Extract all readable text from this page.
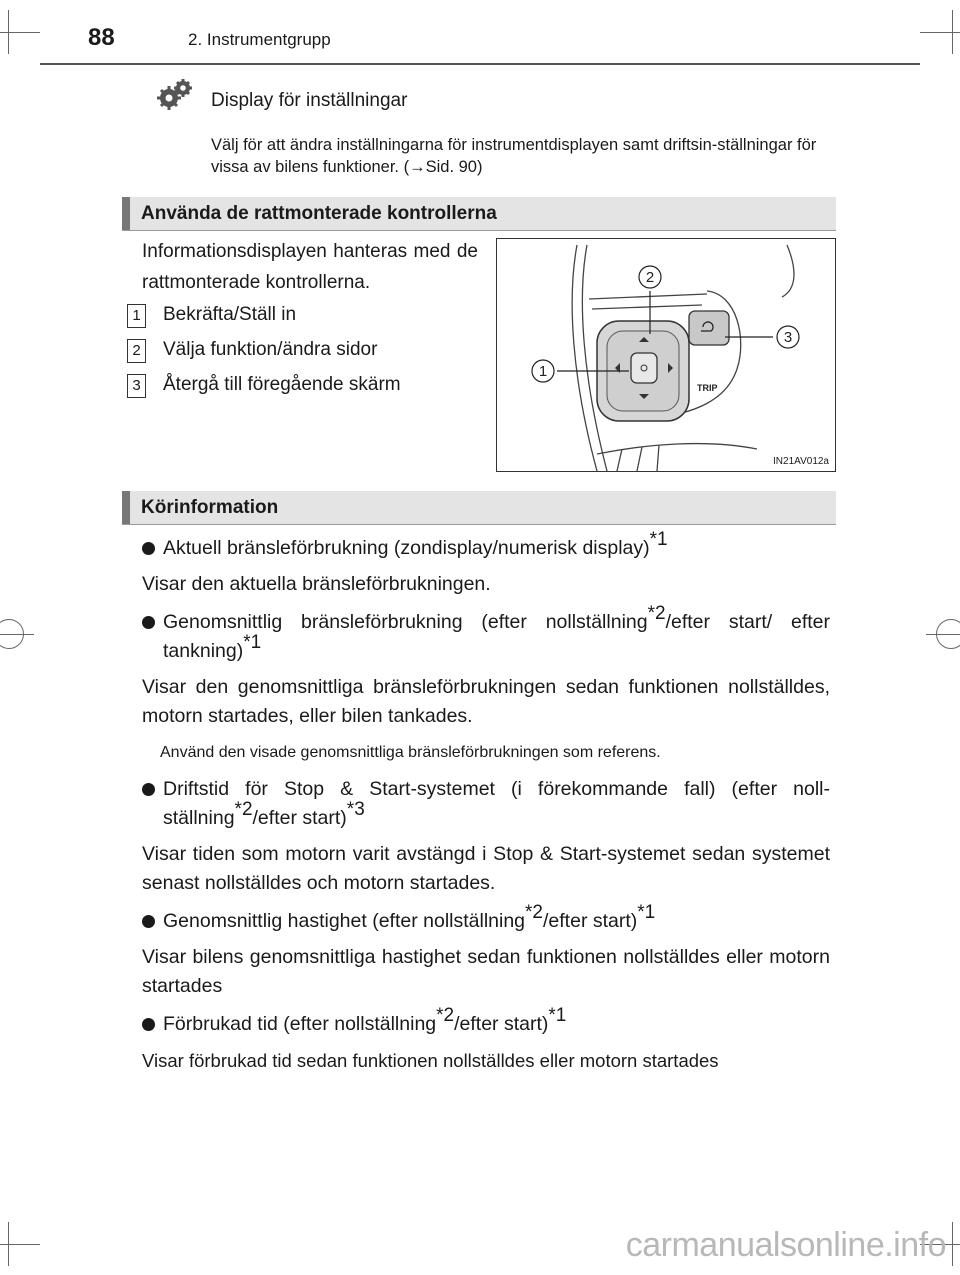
88	2. Instrumentgrupp
Display för inställningar
Välj för att ändra inställningarna för instrumentdisplayen samt driftsin-ställningar för vissa av bilens funktioner. (→Sid. 90)
Använda de rattmonterade kontrollerna
Informationsdisplayen hanteras med de rattmonterade kontrollerna.
1 Bekräfta/Ställ in
2 Välja funktion/ändra sidor
3 Återgå till föregående skärm	TRIP
1
2
3
IN21AV012a
Körinformation
Aktuell bränsleförbrukning (zondisplay/numerisk display)$^{*1}$
Visar den aktuella bränsleförbrukningen.
Genomsnittlig bränsleförbrukning (efter nollställning$^{*2}$/efter start/ efter tankning)$^{*1}$
Visar den genomsnittliga bränsleförbrukningen sedan funktionen nollställdes, motorn startades, eller bilen tankades.
Använd den visade genomsnittliga bränsleförbrukningen som referens.
Driftstid för Stop & Start-systemet (i förekommande fall) (efter noll-ställning$^{*2}$/efter start)$^{*3}$
Visar tiden som motorn varit avstängd i Stop & Start-systemet sedan systemet senast nollställdes och motorn startades.
Genomsnittlig hastighet (efter nollställning$^{*2}$/efter start)$^{*1}$
Visar bilens genomsnittliga hastighet sedan funktionen nollställdes eller motorn startades
Förbrukad tid (efter nollställning$^{*2}$/efter start)$^{*1}$
Visar förbrukad tid sedan funktionen nollställdes eller motorn startades
carmanualsonline.info
